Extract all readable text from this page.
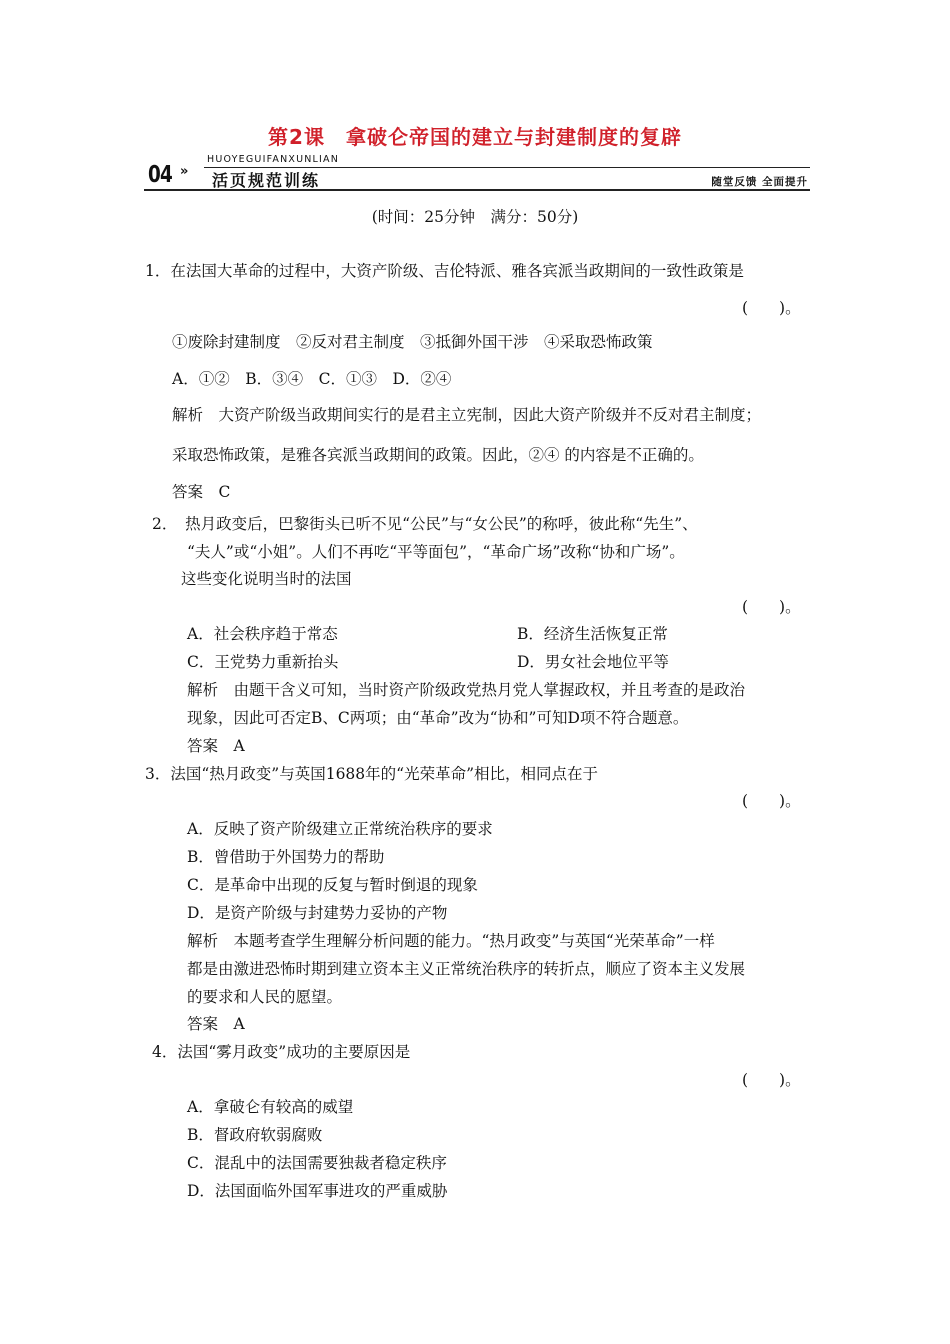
第2课　拿破仑帝国的建立与封建制度的复辟
04 »
HUOYEGUIFANXUNLIAN
活页规范训练	随堂反馈 全面提升
(时间：25分钟　满分：50分)
1．在法国大革命的过程中，大资产阶级、吉伦特派、雅各宾派当政期间的一致性政策是
(　　)。
①废除封建制度　②反对君主制度　③抵御外国干涉　④采取恐怖政策
A．①②　B．③④　C．①③　D．②④
解析　大资产阶级当政期间实行的是君主立宪制，因此大资产阶级并不反对君主制度；
采取恐怖政策，是雅各宾派当政期间的政策。因此，②④ 的内容是不正确的。
答案　C
2．　热月政变后，巴黎街头已听不见“公民”与“女公民”的称呼，彼此称“先生”、
“夫人”或“小姐”。人们不再吃“平等面包”，“革命广场”改称“协和广场”。
这些变化说明当时的法国
(　　)。
A．社会秩序趋于常态	B．经济生活恢复正常
C．王党势力重新抬头	D．男女社会地位平等
解析　由题干含义可知，当时资产阶级政党热月党人掌握政权，并且考查的是政治
现象，因此可否定B、C两项；由“革命”改为“协和”可知D项不符合题意。
答案　A
3．法国“热月政变”与英国1688年的“光荣革命”相比，相同点在于
(　　)。
A．反映了资产阶级建立正常统治秩序的要求
B．曾借助于外国势力的帮助
C．是革命中出现的反复与暂时倒退的现象
D．是资产阶级与封建势力妥协的产物
解析　本题考查学生理解分析问题的能力。“热月政变”与英国“光荣革命”一样
都是由激进恐怖时期到建立资本主义正常统治秩序的转折点，顺应了资本主义发展
的要求和人民的愿望。
答案　A
4．法国“雾月政变”成功的主要原因是
(　　)。
A．拿破仑有较高的威望
B．督政府软弱腐败
C．混乱中的法国需要独裁者稳定秩序
D．法国面临外国军事进攻的严重威胁
